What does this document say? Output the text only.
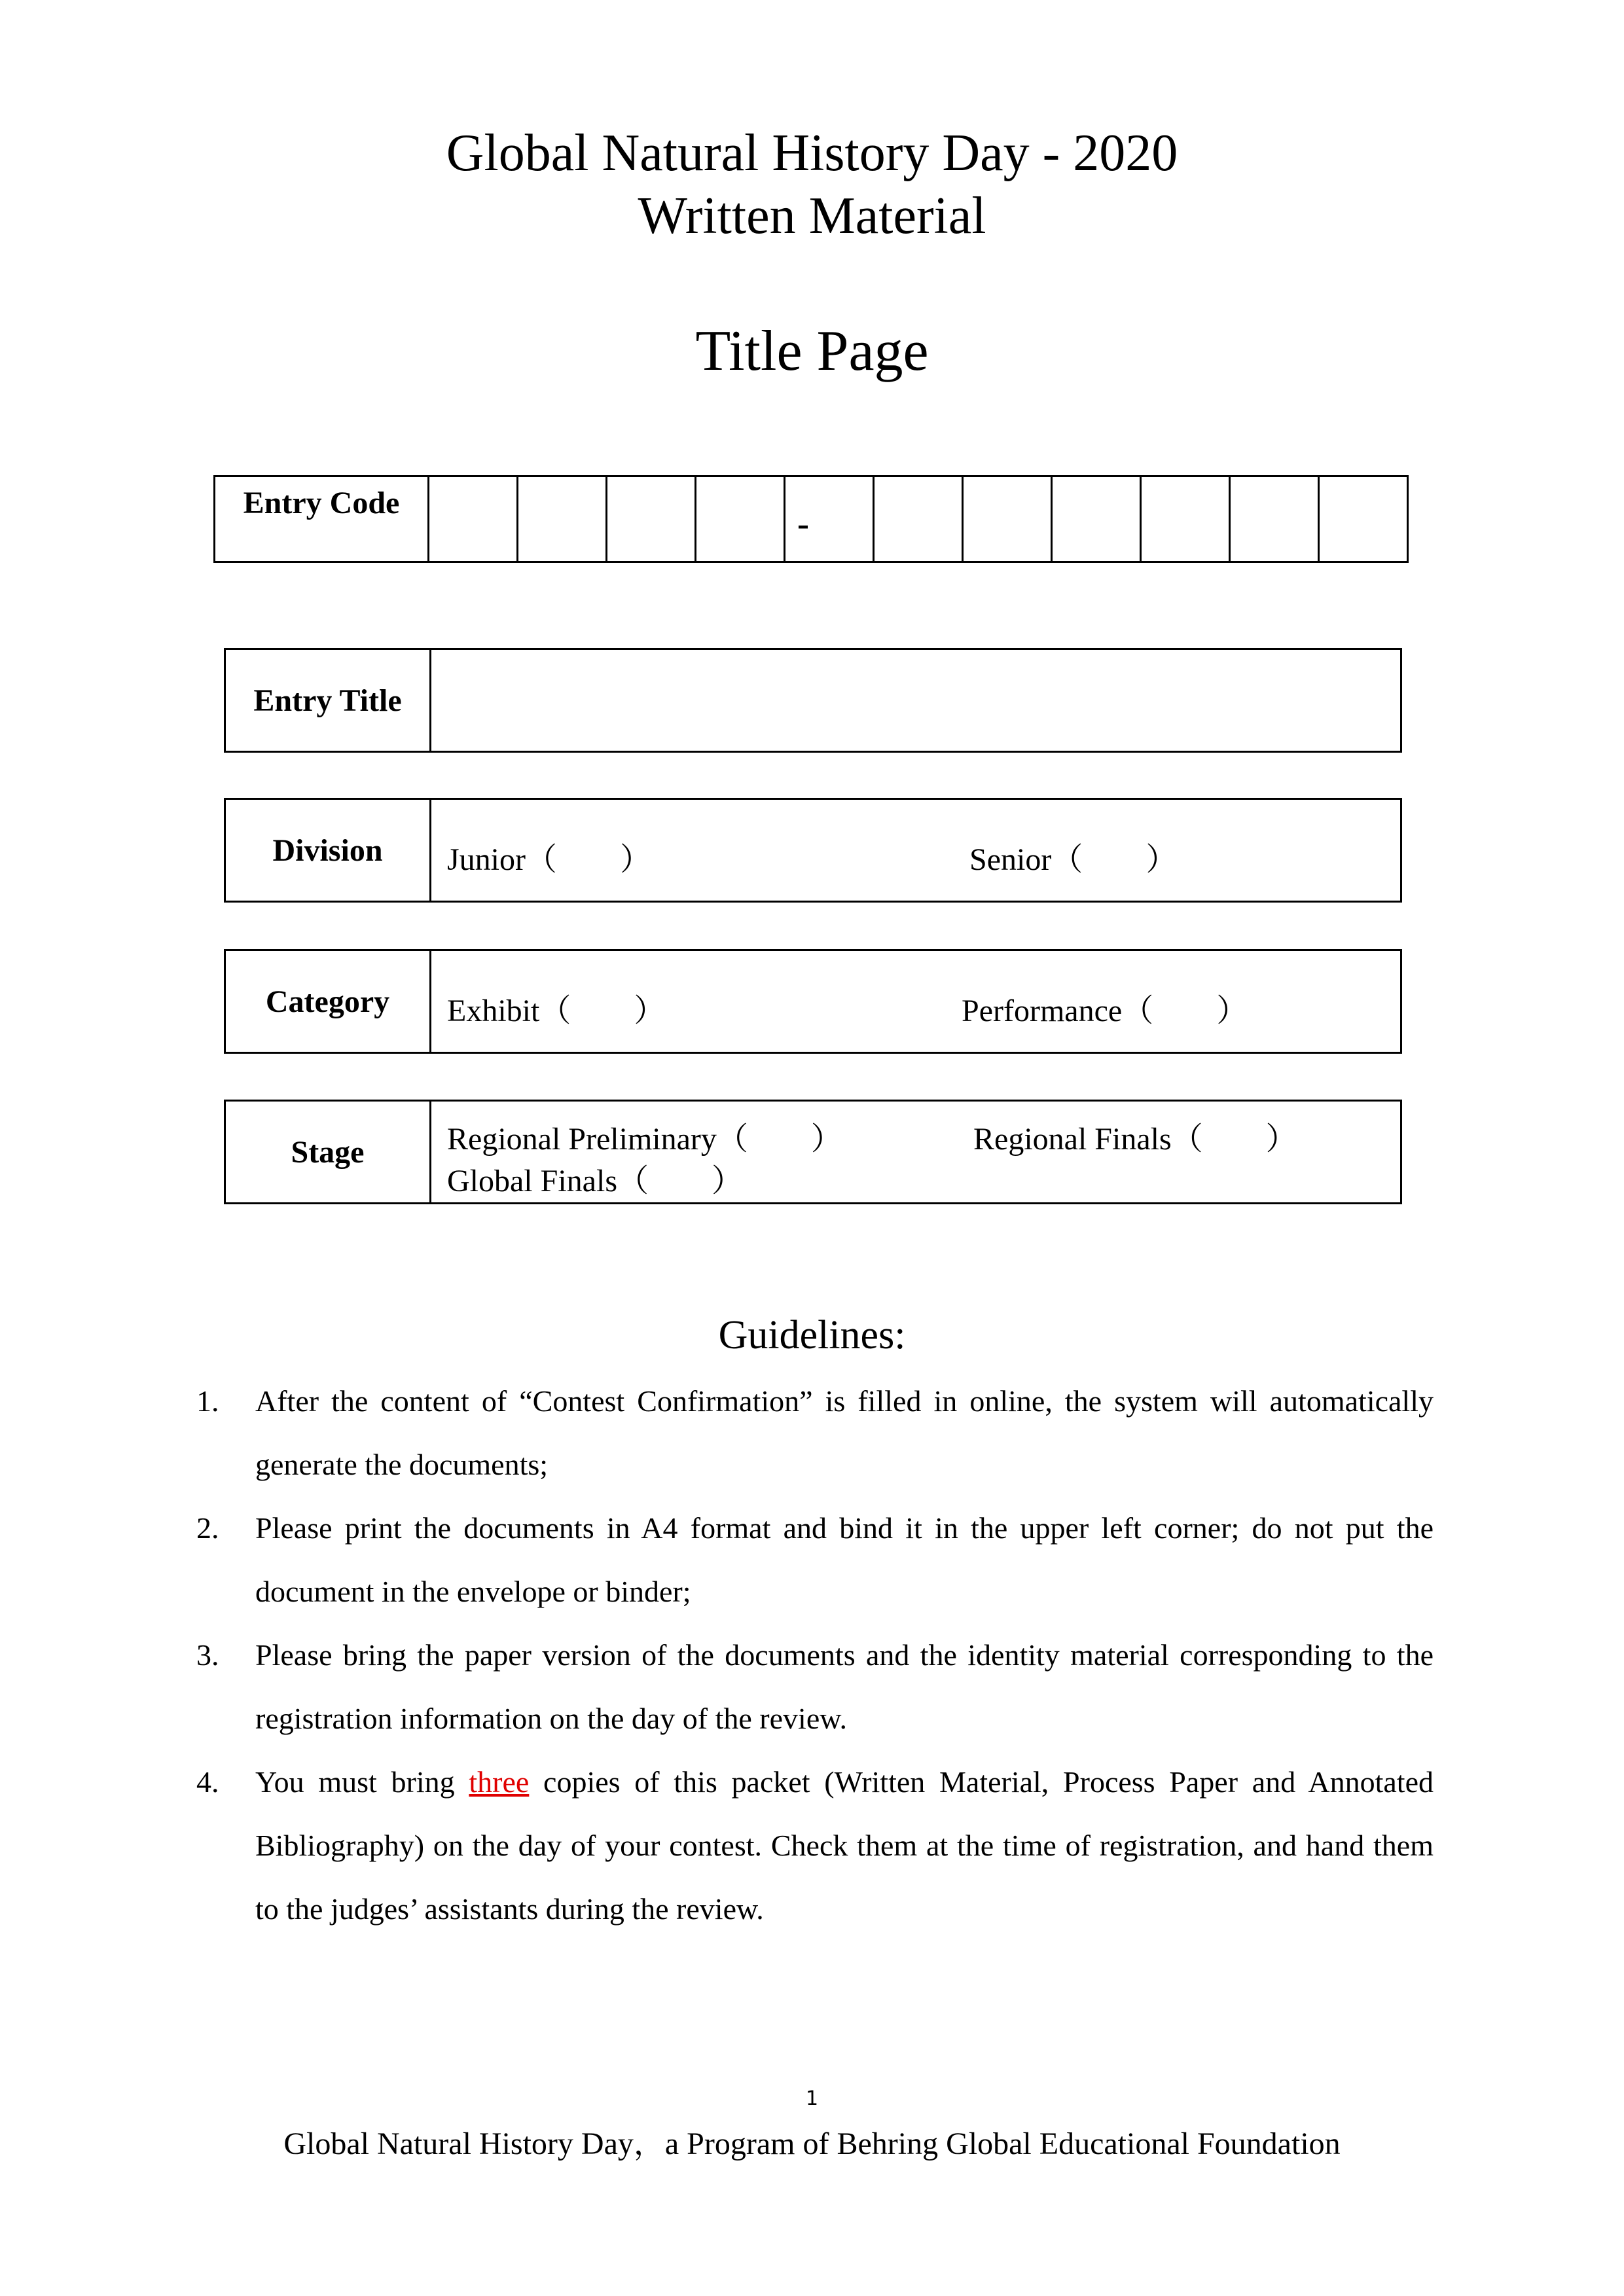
Global Natural History Day - 2020
Written Material
Title Page
Entry Code					-						
Entry Title
Division	Junior（　　）	Senior（　　）
Category	Exhibit（　　）	Performance（　　）
Stage	Regional Preliminary（　　）	Regional Finals（　　）
Global Finals（　　）
Guidelines:
1. After the content of “Contest Confirmation” is filled in online, the system will automatically generate the documents;
2. Please print the documents in A4 format and bind it in the upper left corner; do not put the document in the envelope or binder;
3. Please bring the paper version of the documents and the identity material corresponding to the registration information on the day of the review.
4. You must bring three copies of this packet (Written Material, Process Paper and Annotated Bibliography) on the day of your contest. Check them at the time of registration, and hand them to the judges’ assistants during the review.
1
Global Natural History Day，a Program of Behring Global Educational Foundation
